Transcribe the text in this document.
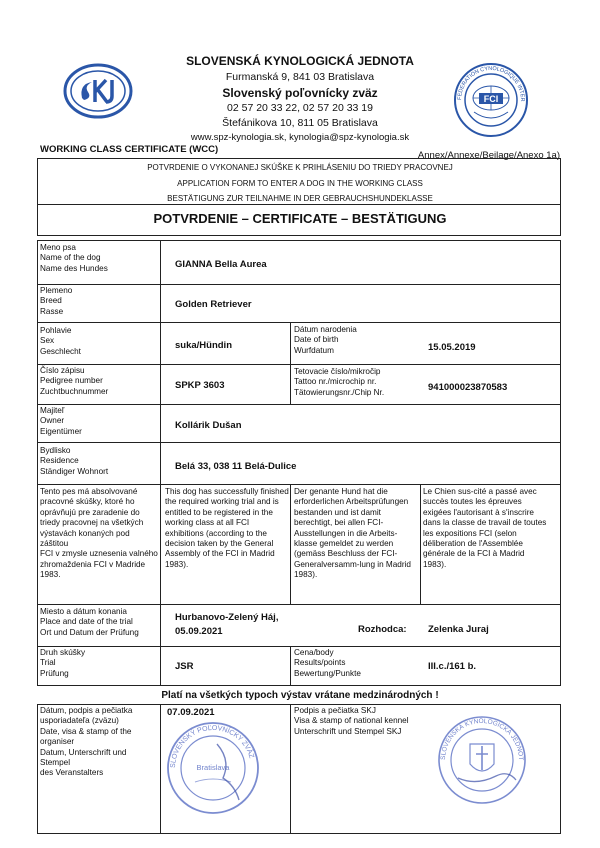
FEDERATION CYNOLOGIQUE INTER
FCI
SLOVENSKÁ KYNOLOGICKÁ JEDNOTA
Furmanská 9, 841 03 Bratislava
Slovenský poľovnícky zväz
02 57 20 33 22, 02 57 20 33 19
Štefánikova 10, 811 05 Bratislava
www.spz-kynologia.sk, kynologia@spz-kynologia.sk
WORKING CLASS CERTIFICATE (WCC)
Annex/Annexe/Beilage/Anexo 1a)
POTVRDENIE O VYKONANEJ SKÚŠKE K PRIHLÁSENIU DO TRIEDY PRACOVNEJ
APPLICATION FORM TO ENTER A DOG IN THE WORKING CLASS
BESTÄTIGUNG ZUR TEILNAHME IN DER GEBRAUCHSHUNDEKLASSE
POTVRDENIE – CERTIFICATE – BESTÄTIGUNG
Meno psa
Name of the dog
Name des Hundes	GIANNA Bella Aurea
Plemeno
Breed
Rasse
Golden Retriever
Pohlavie
Sex
Geschlecht
suka/Hündin
Dátum narodenia
Date of birth
Wurfdatum	15.05.2019
Číslo zápisu
Pedigree number
Zuchtbuchnummer
SPKP 3603
Tetovacie číslo/mikročip
Tattoo nr./microchip nr.
Tätowierungsnr./Chip Nr.	941000023870583
Majiteľ
Owner
Eigentümer
Kollárik Dušan
Bydlisko
Residence
Ständiger Wohnort	Belá 33, 038 11 Belá-Dulice
Tento pes má absolvované
pracovné skúšky, ktoré ho
oprávňujú pre zaradenie do
triedy pracovnej na všetkých
výstavách konaných pod záštitou
FCI v zmysle uznesenia valného
zhromaždenia FCI v Madride
1983.
This dog has successfully finished
the required working trial and is
entitled to be registered in the
working class at all FCI
exhibitions (according to the
decision taken by the General
Assembly of the FCI in Madrid
1983).
Der genante Hund hat die
erforderlichen Arbeitsprüfungen
bestanden und ist damit
berechtigt, bei allen FCI-
Ausstellungen in die Arbeits-
klasse gemeldet zu werden
(gemäss Beschluss der FCI-
Generalversamm-lung in Madrid
1983).
Le Chien sus-cité a passé avec
succès toutes les épreuves
exigées l'autorisant à s'inscrire
dans la classe de travail de toutes
les expositions FCI (selon
déliberation de l'Assemblée
générale de la FCI à Madrid
1983).
Miesto a dátum konania
Place and date of the trial
Ort und Datum der Prüfung
Hurbanovo-Zelený Háj,
05.09.2021	Rozhodca: Zelenka Juraj
Druh skúšky
Trial
Prüfung
JSR
Cena/body
Results/points
Bewertung/Punkte
III.c./161 b.
Platí na všetkých typoch výstav vrátane medzinárodných !
Dátum, podpis a pečiatka
usporiadateľa (zväzu)
Date, visa & stamp of the
organiser
Datum, Unterschrift und Stempel
des Veranstalters
07.09.2021
SLOVENSKÝ POĽOVNÍCKY ZVÄZ
Bratislava
Podpis a pečiatka SKJ
Visa & stamp of national kennel
Unterschrift und Stempel SKJ
SLOVENSKÁ KYNOLOGICKÁ JEDNOT
